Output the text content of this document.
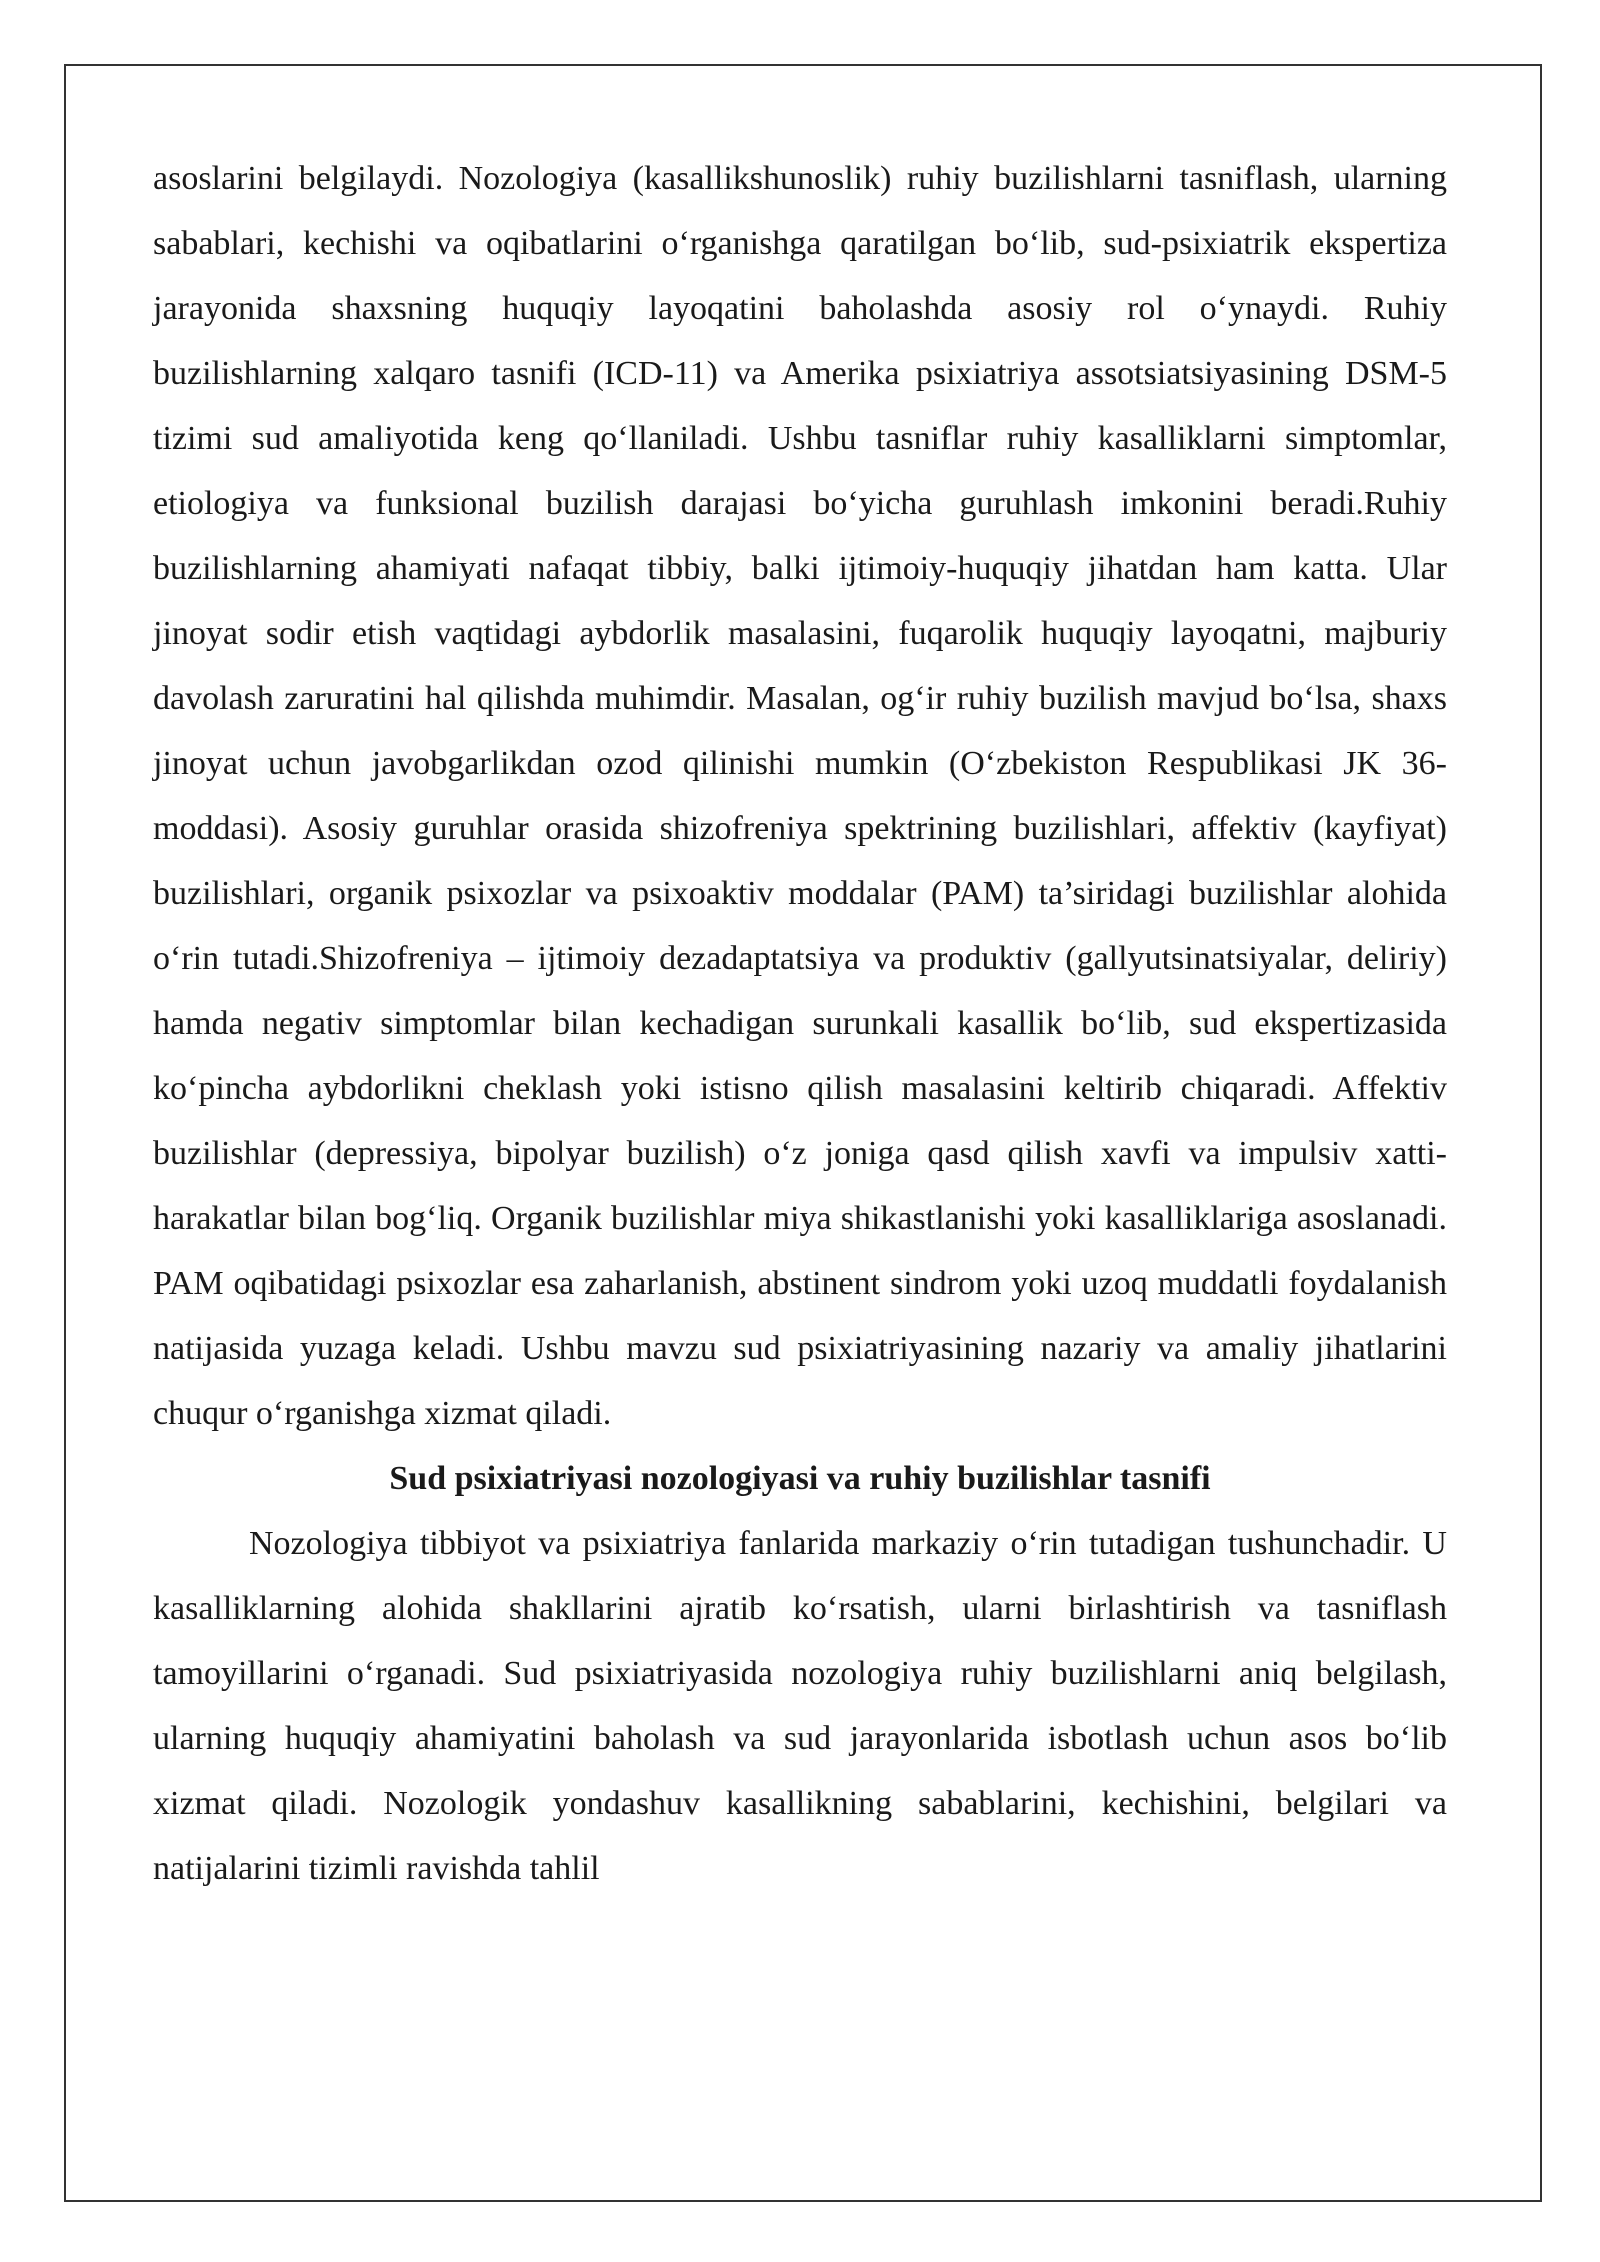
asoslarini belgilaydi. Nozologiya (kasallikshunoslik) ruhiy buzilishlarni tasniflash, ularning sabablari, kechishi va oqibatlarini o‘rganishga qaratilgan bo‘lib, sud-psixiatrik ekspertiza jarayonida shaxsning huquqiy layoqatini baholashda asosiy rol o‘ynaydi. Ruhiy buzilishlarning xalqaro tasnifi (ICD-11) va Amerika psixiatriya assotsiatsiyasining DSM-5 tizimi sud amaliyotida keng qo‘llaniladi. Ushbu tasniflar ruhiy kasalliklarni simptomlar, etiologiya va funksional buzilish darajasi bo‘yicha guruhlash imkonini beradi.Ruhiy buzilishlarning ahamiyati nafaqat tibbiy, balki ijtimoiy-huquqiy jihatdan ham katta. Ular jinoyat sodir etish vaqtidagi aybdorlik masalasini, fuqarolik huquqiy layoqatni, majburiy davolash zaruratini hal qilishda muhimdir. Masalan, og‘ir ruhiy buzilish mavjud bo‘lsa, shaxs jinoyat uchun javobgarlikdan ozod qilinishi mumkin (O‘zbekiston Respublikasi JK 36-moddasi). Asosiy guruhlar orasida shizofreniya spektrining buzilishlari, affektiv (kayfiyat) buzilishlari, organik psixozlar va psixoaktiv moddalar (PAM) ta’siridagi buzilishlar alohida o‘rin tutadi.Shizofreniya – ijtimoiy dezadaptatsiya va produktiv (gallyutsinatsiyalar, deliriy) hamda negativ simptomlar bilan kechadigan surunkali kasallik bo‘lib, sud ekspertizasida ko‘pincha aybdorlikni cheklash yoki istisno qilish masalasini keltirib chiqaradi. Affektiv buzilishlar (depressiya, bipolyar buzilish) o‘z joniga qasd qilish xavfi va impulsiv xatti-harakatlar bilan bog‘liq. Organik buzilishlar miya shikastlanishi yoki kasalliklariga asoslanadi. PAM oqibatidagi psixozlar esa zaharlanish, abstinent sindrom yoki uzoq muddatli foydalanish natijasida yuzaga keladi. Ushbu mavzu sud psixiatriyasining nazariy va amaliy jihatlarini chuqur o‘rganishga xizmat qiladi.

Sud psixiatriyasi nozologiyasi va ruhiy buzilishlar tasnifi

Nozologiya tibbiyot va psixiatriya fanlarida markaziy o‘rin tutadigan tushunchadir. U kasalliklarning alohida shakllarini ajratib ko‘rsatish, ularni birlashtirish va tasniflash tamoyillarini o‘rganadi. Sud psixiatriyasida nozologiya ruhiy buzilishlarni aniq belgilash, ularning huquqiy ahamiyatini baholash va sud jarayonlarida isbotlash uchun asos bo‘lib xizmat qiladi. Nozologik yondashuv kasallikning sabablarini, kechishini, belgilari va natijalarini tizimli ravishda tahlil
